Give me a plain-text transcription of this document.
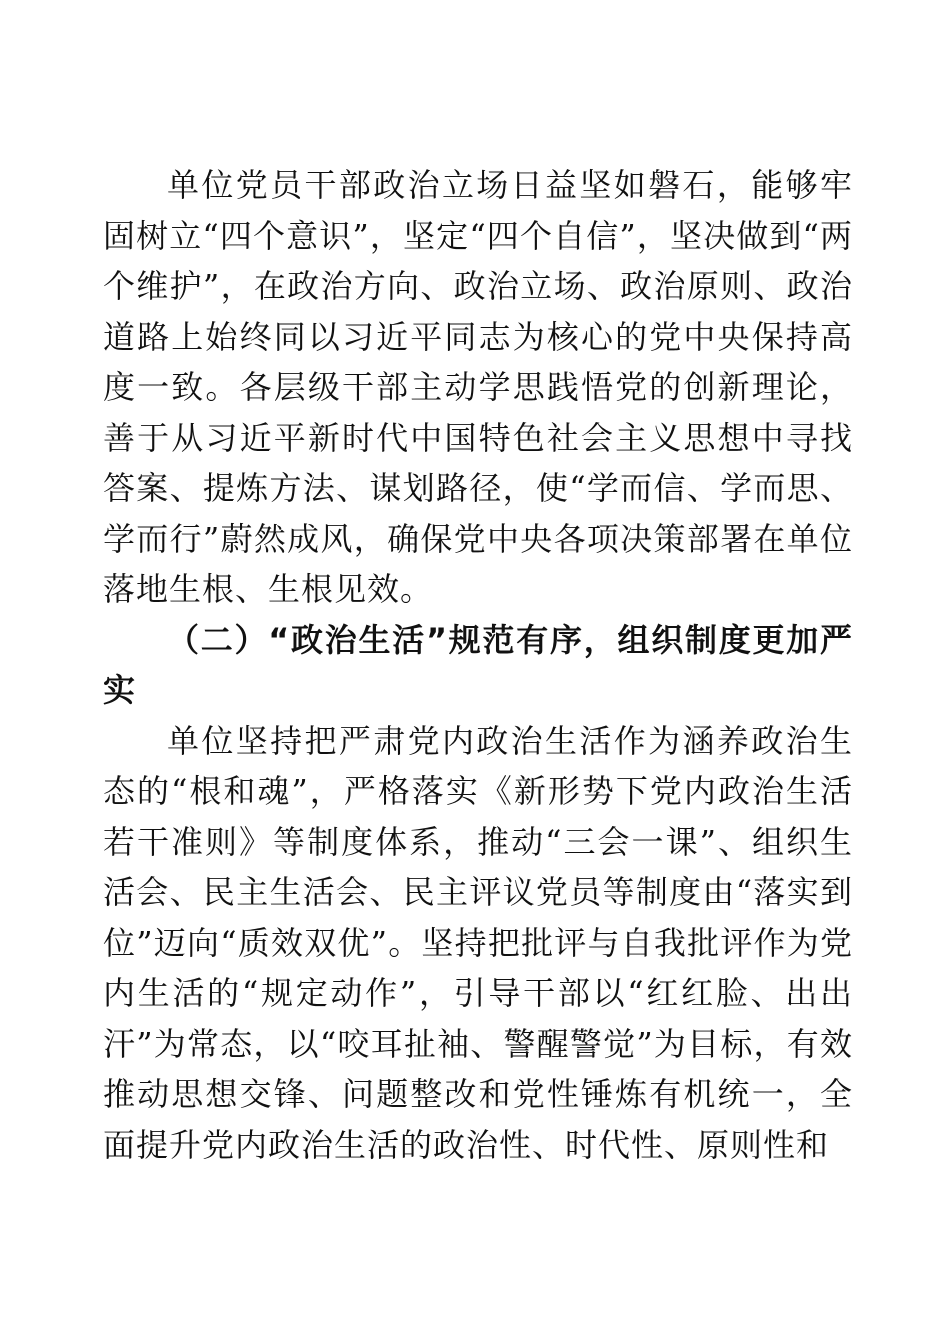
单位党员干部政治立场日益坚如磐石，能够牢固树立“四个意识”，坚定“四个自信”，坚决做到“两个维护”，在政治方向、政治立场、政治原则、政治道路上始终同以习近平同志为核心的党中央保持高度一致。各层级干部主动学思践悟党的创新理论，善于从习近平新时代中国特色社会主义思想中寻找答案、提炼方法、谋划路径，使“学而信、学而思、学而行”蔚然成风，确保党中央各项决策部署在单位落地生根、生根见效。

（二）“政治生活”规范有序，组织制度更加严实

单位坚持把严肃党内政治生活作为涵养政治生态的“根和魂”，严格落实《新形势下党内政治生活若干准则》等制度体系，推动“三会一课”、组织生活会、民主生活会、民主评议党员等制度由“落实到位”迈向“质效双优”。坚持把批评与自我批评作为党内生活的“规定动作”，引导干部以“红红脸、出出汗”为常态，以“咬耳扯袖、警醒警觉”为目标，有效推动思想交锋、问题整改和党性锤炼有机统一，全面提升党内政治生活的政治性、时代性、原则性和
